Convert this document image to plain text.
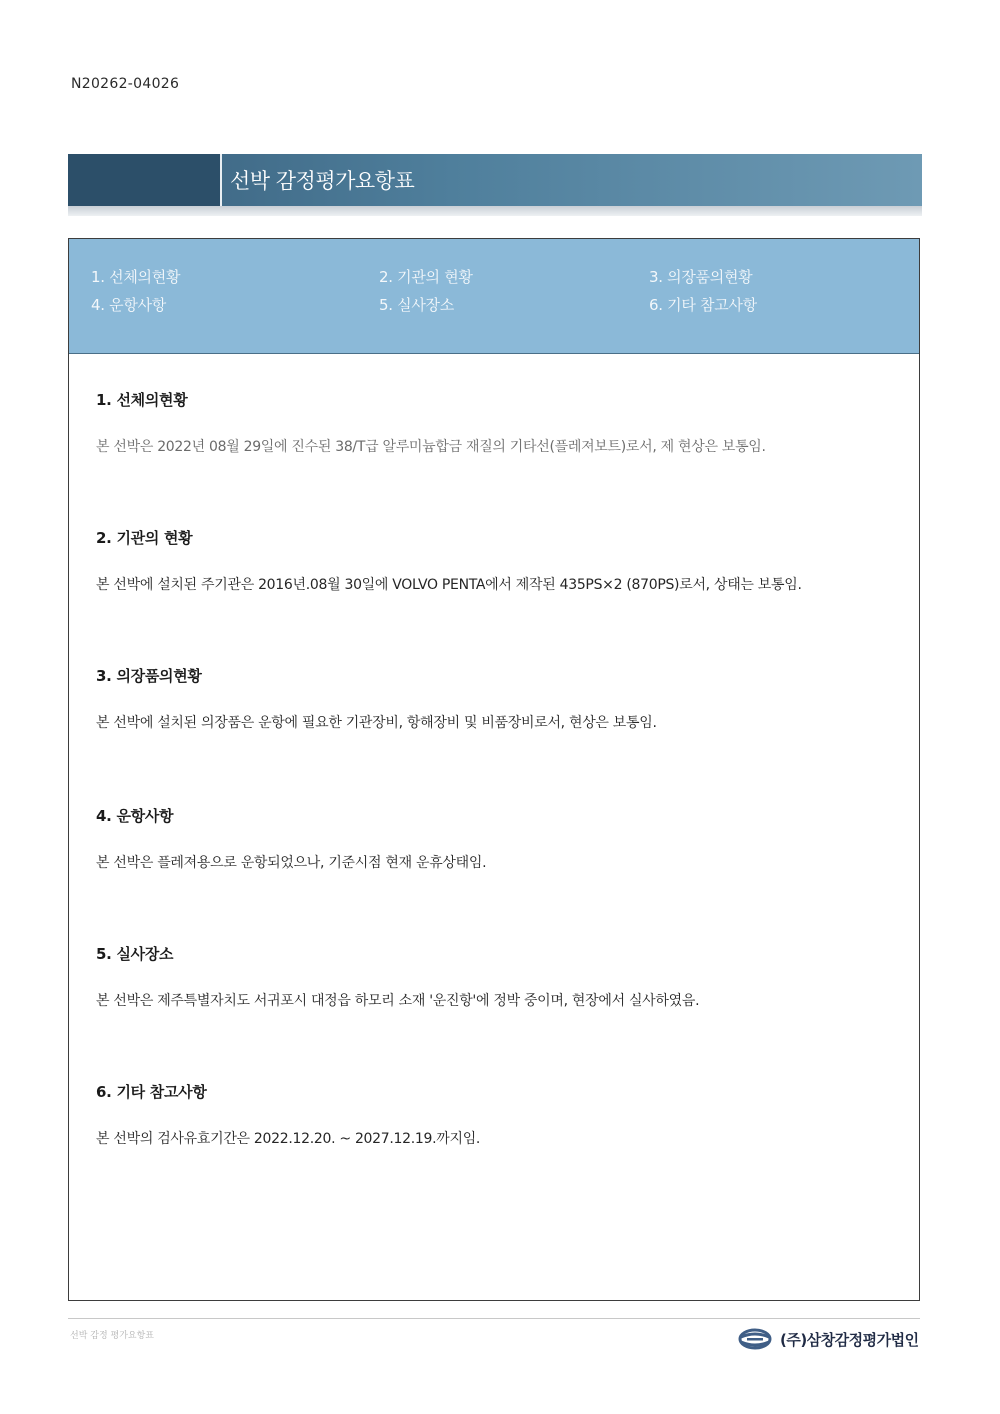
N20262-04026
선박 감정평가요항표
1. 선체의현황	2. 기관의 현황	3. 의장품의현황
4. 운항사항	5. 실사장소	6. 기타 참고사항
1. 선체의현황
본 선박은 2022년 08월 29일에 진수된 38/T급 알루미늄합금 재질의 기타선(플레져보트)로서, 제 현상은 보통임.
2. 기관의 현황
본 선박에 설치된 주기관은 2016년.08월 30일에 VOLVO PENTA에서 제작된 435PS×2 (870PS)로서, 상태는 보통임.
3. 의장품의현황
본 선박에 설치된 의장품은 운항에 필요한 기관장비, 항해장비 및 비품장비로서, 현상은 보통임.
4. 운항사항
본 선박은 플레져용으로 운항되었으나, 기준시점 현재 운휴상태임.
5. 실사장소
본 선박은 제주특별자치도 서귀포시 대정읍 하모리 소재 '운진항'에 정박 중이며, 현장에서 실사하였음.
6. 기타 참고사항
본 선박의 검사유효기간은 2022.12.20. ~ 2027.12.19.까지임.
선박 감정 평가요항표	(주)삼창감정평가법인
